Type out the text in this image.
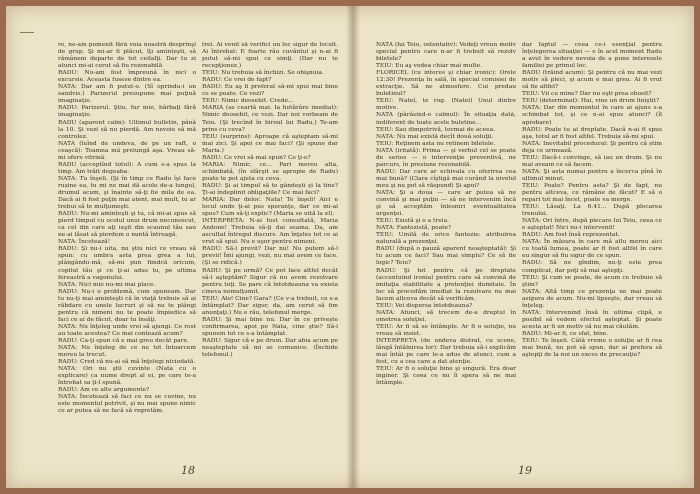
re, ne-am pomenit fără voia noastră desprinşi de grup. Şi mi-ar fi plăcut, îţi aminteşti, să rămânem departe de tot ceilalţi. Dar tu zi atunci mi-ai cerut să fiu rezonabilă

RADU: Nu-am fost împreună în nici o excursie. Aceasta fusese dintre ea.

NATA: Dar am fi putut-o. (Sî oprindu-i un sandvis.) Parizerul presupune mai puţină imaginaţie.

RADU: Parizerul. Ştiu, fur mie, bărbaţi fără imaginaţie.

RADU (aparent calm): Ultimul bulletin, până la 10. Şi vezi să nu pierdă. Am nevoie să mă controlez.

NATA (luînd de undeva, de pe un raft, o ceaşcă): Toamna mă prelungă aşa. Vreau să-mi ofere vitrină.

RADU (acceptînd totul): A cum s-a spus la timp. Am trăit degeaba.

NATA: Tu înşeli. (Şi în timp ce Radu îşi face rușine ea, tu mi ne mai dă acolo de-a lungul, drumul acum, şi înainte să-ţi fie mila de ea. Dacă ai fi fost puţin mai atent, mai mult, tu ar trebui să te mulţumeşti.

RADU: Nu-mi aminteşti şi tu, că mi-ai spus să pierd timpul cu ocolul unui drum necunoscut, ca cel din care aţi ieşit din scaunul tău sau ne-ai lăsat să pierdem o nuntă întreagă.

NATA: Încetează!

RADU: Şi nu-i uita, nu ştiu nici ce vreau să spun: cu umbra asta prea grea a lui, plângându-mă, să-mi pun fiindcă oricum, copilul tău şi ce ţi-ai adus tu, pe ultima fereastră a vagonului.

NATA: Nici mie nu-mi mai place.

RADU: Nu-i o problemă, cum spuneam. Dar tu nu-ţi mai aminteşti că în viaţă trebuie să ai răbdare cu unele lucruri şi să nu te plângi pentru că nimeni nu te poate împiedica să faci ce ai de făcut, doar tu însăţi.

NATA: Nu înţeleg unde vrei să ajungi. Ce rost au toate acestea? Ce mai contează acum?

RADU: Ca-ţi spun că e mai greu decât pare.

NATA: Nu înţeleg de ce ne tot întoarcem mereu la trecut.

RADU: Cred că nu-ai să mă înţelegi niciodată.

NATA: Ori nu ştii cuvinte (Nata cu o explicare) ca nume drept al ei, pe care te-a întrebat sa ţi-l spună.

RADU: Am ce alte argumente?

NATA: Încetează să faci ce nu se cuvine, nu este momentul potrivit, şi nu mai spune nimic ce ar putea să ne facă să regretăm.

trei. Ai venit să verifici un loc sigur de locuit. Ai întrebat: E foarte rău cuvântul şi n-ai fi putut să-mi spui ce simţi. (Dar nu te recepţionez.)

TEIU: Nu trebuia să închizi. Se obişnuia.

RADU: Ce vrei de fapt?

RADU: Eu aş fi preferat să-mi spui mai bine ce se poate. Ce vezi?

TEIU: Nimic deosebit. Crede...

MARIA (se ceartă mai. Ia hotărâre imediat): Nimic deosebit, ce vezi. Dar noi vorbeam de Teiu. (Şi trecînd în biroul lui Radu.) Te-am prins cu ceva?

TEIU (surprins): Aproape că aşteptam să-mi mai zici. Şi apoi ce mai faci? (Şi spune dar Maria.)

RADU: Ce vrei să mai spun? Ce ţi-e?

MARIA: Nimic, ce... Pari mereu alta, schimbată, (în sfârşit se apropie de Radu) poate te pot ajuta cu ceva.

RADU: Şi ai timpul să te gândeşti şi la tine? Ţi-ai îndeplinit obligaţiile? Ce mai faci?

MARIA: Dar deloc. Nata! Te înşeli! Aici e locul unde ţi-ai pus speranţe, dar ce mi-ai spus? Cum să-ţi explic? (Maria se uită la el).

INTERPRETA: N-ai fost consultată, Maria Andone! Trebuia să-ţi dai seama. Da, am ascultat întregul discurs. Am înţeles tot ce ai vrut să spui. Nu e uşor pentru nimeni.

RADU: Să-l previi? Dar nu! Nu putem să-l previi! Îmi ajungi, vezi, nu mai avem ce face. (Şi se ridică.)

RADU: Şi pe urmă? Ce pot face altfel decât să-l aşteptăm? Sigur că nu avem rezolvare pentru toţi. Se pare că întotdeauna va exista cineva nemulţumit.

TEIU: Alo! Cine? Gara? (Ce v-a trebuit, ce s-a întâmplat? Dar sigur, da, am cerut să fim anunţaţi.) Nu e rău, telefonul merge.

RADU: Şi mai bine nu. Dar în ce priveşte confirmarea, apoi pe Nata, cine ştie? Să-i spunem tot ce s-a întâmplat.

RADU: Sigur că e pe drum. Dar abia acum pe neaşteptate să mi se comunice. (Închide telefonul.)

18

NATA (lui Teiu, ostentativ): Vedeţi vreun motiv special pentru care n-ar fi trebuit să rezolv biletele?

TEIU: Eu aş vedea chiar mai multe.

FLORICEL (cu interes şi chiar ironic): Orele 12:30! Prezenţa în sală, în special comisiei de extracţie. Să ne atmosfere. Cui predau buletinul?

TEIU: Nateî, te rog. (Natei) Unul dintre motive.

NATA (părăsind-o calmul): În situaţia dată, indiferent de toate acele buletine...

TEIU: Sau dimpotrivă, tocmai de aceea.

NATA: Nu mai există decît două soluţii.

TEIU: Reţinem asta nu retinem biletele.

NATA (iritată): Prima — şi verbul cel se poate de serios — o intervenţie preventivă, ne parcurs, în presiune rezonabilă.

RADU: Dar care ar echivala cu oferirea cea mai bună? (Clara cîştigă mai curând la nivelul meu şi nu pot să răspund) Şi apoi?

NATA: Şi a doua — care ar putea să ne convină şi mai puţin — să ne intervenim încă şi să acceptăm înlesniri eventualitatea urgenţei.

TEIU: Există şi o a treia.

NATA: Fantezistă, poate?

TEIU: Umilă de orice fantezie: atribuirea naturală a prezenţei.

RADU (după o pauză aparent neaşteptată): Şi tu acum ce faci? Sau mai simplu? Ce să fie logic? Teiu?

RADU: Şi tot pentru că pe dreptate (accentuind ironia) pentru care să convină de imitaţia stabilitate a pretenţiei dumitale. În loc să procedăm imediat la rezolvare nu mai facem altceva decât să verificăm.

TEIU: Vei dispersa întotdeauna?

NATA: Atunci, să trecem de-a dreptul în omotrea soluţiei.

TEIU: Ar fi să se întâmple. Ar fi o soluţie, nu vreau să insist.

INTERPRETA (de undeva distrat, cu scene, lângă întâlnirea lor): Dar trebuia să-i explicăm mai întâi pe care le-a adus de atunci, cum a fost, cu a cea care a dat atenţie.

TEIU: Ar fi o soluţie bine şi singură. Era doar inginer. Şi ceea ce nu îi spera să ne mai întâmple.

dar faptul — ceea ce-i esenţial pentru înţelegerea situaţiei — e în acel moment Radu a avut în vedere nevoia de a pune interesele familiei pe primul loc.

RADU (trăind acum): Şi pentru că nu mai vezi motiv să pleci, şi acum e mai greu. Ai fi vrut să fie altfel?

TEIU: Vii cu mine? Dar nu eşti prea obosit?

TEIU (determinat): Hai, vine un drum liniştit?

NATA: Dar din momentul în care ai ajuns s-a schimbat tot, şi ce n-ai spus atunci? (îl aprobare)

RADU: Poate tu ai dreptate. Dacă n-ai fi spus aşa, totul ar fi fost altfel. Trebuia să-mi spui.

NATA: Inevitabil procedural: Şi pentru că știm deja ce urmează.

TEIU: Dacă-i convinge, să iau un drum. Şi nu mai aveam ce să facem.

NATA: Şi asta numai pentru a încerca pînă în ultimul minut.

TEIU: Poate? Pentru asta? Şi de fapt, nu pentru altceva, ce rămâne de făcut? E să o repari tot mai încet, poate va merge.

TEIU: Lăsaţi. La 6.41... După plecarea trenului.

NATA: Ori între, după plecare lui Teiu, ceea ce e aşteptat! Nici nu-i intervenit!

RADU: Am fost însă reprezentat.

NATA: În măsura în care mă aflu mereu aici cu toată lumea, poate ar fi fost altfel în care eu singur să fiu sigur de ce spun.

RADU: Să ne gîndim, nu-ţi este prea complicat, dar poţi să mai aştepţi.

TEIU: Şi cum se poate, de acum ce trebuie să ştim?

NATA: Altă timp ce prezenţa ne mai poate asigura de acum. Nu-mi lipseşte, dar vreau să înţeleg.

NATA: Intervenind însă în ultima clipă, e posibil să vedem efectul aşteptat. Şi poate acesta ar fi un motiv să nu mai căutăm.

RADU: Mi-ar fi, ce sfat, bine.

TEIU: Te înşeli. Câtă vreme o soluţie ar fi cea mai bună, nu pot să spun, dar ai prefera să aştepţi de la noi un exces de precauţie?

19
